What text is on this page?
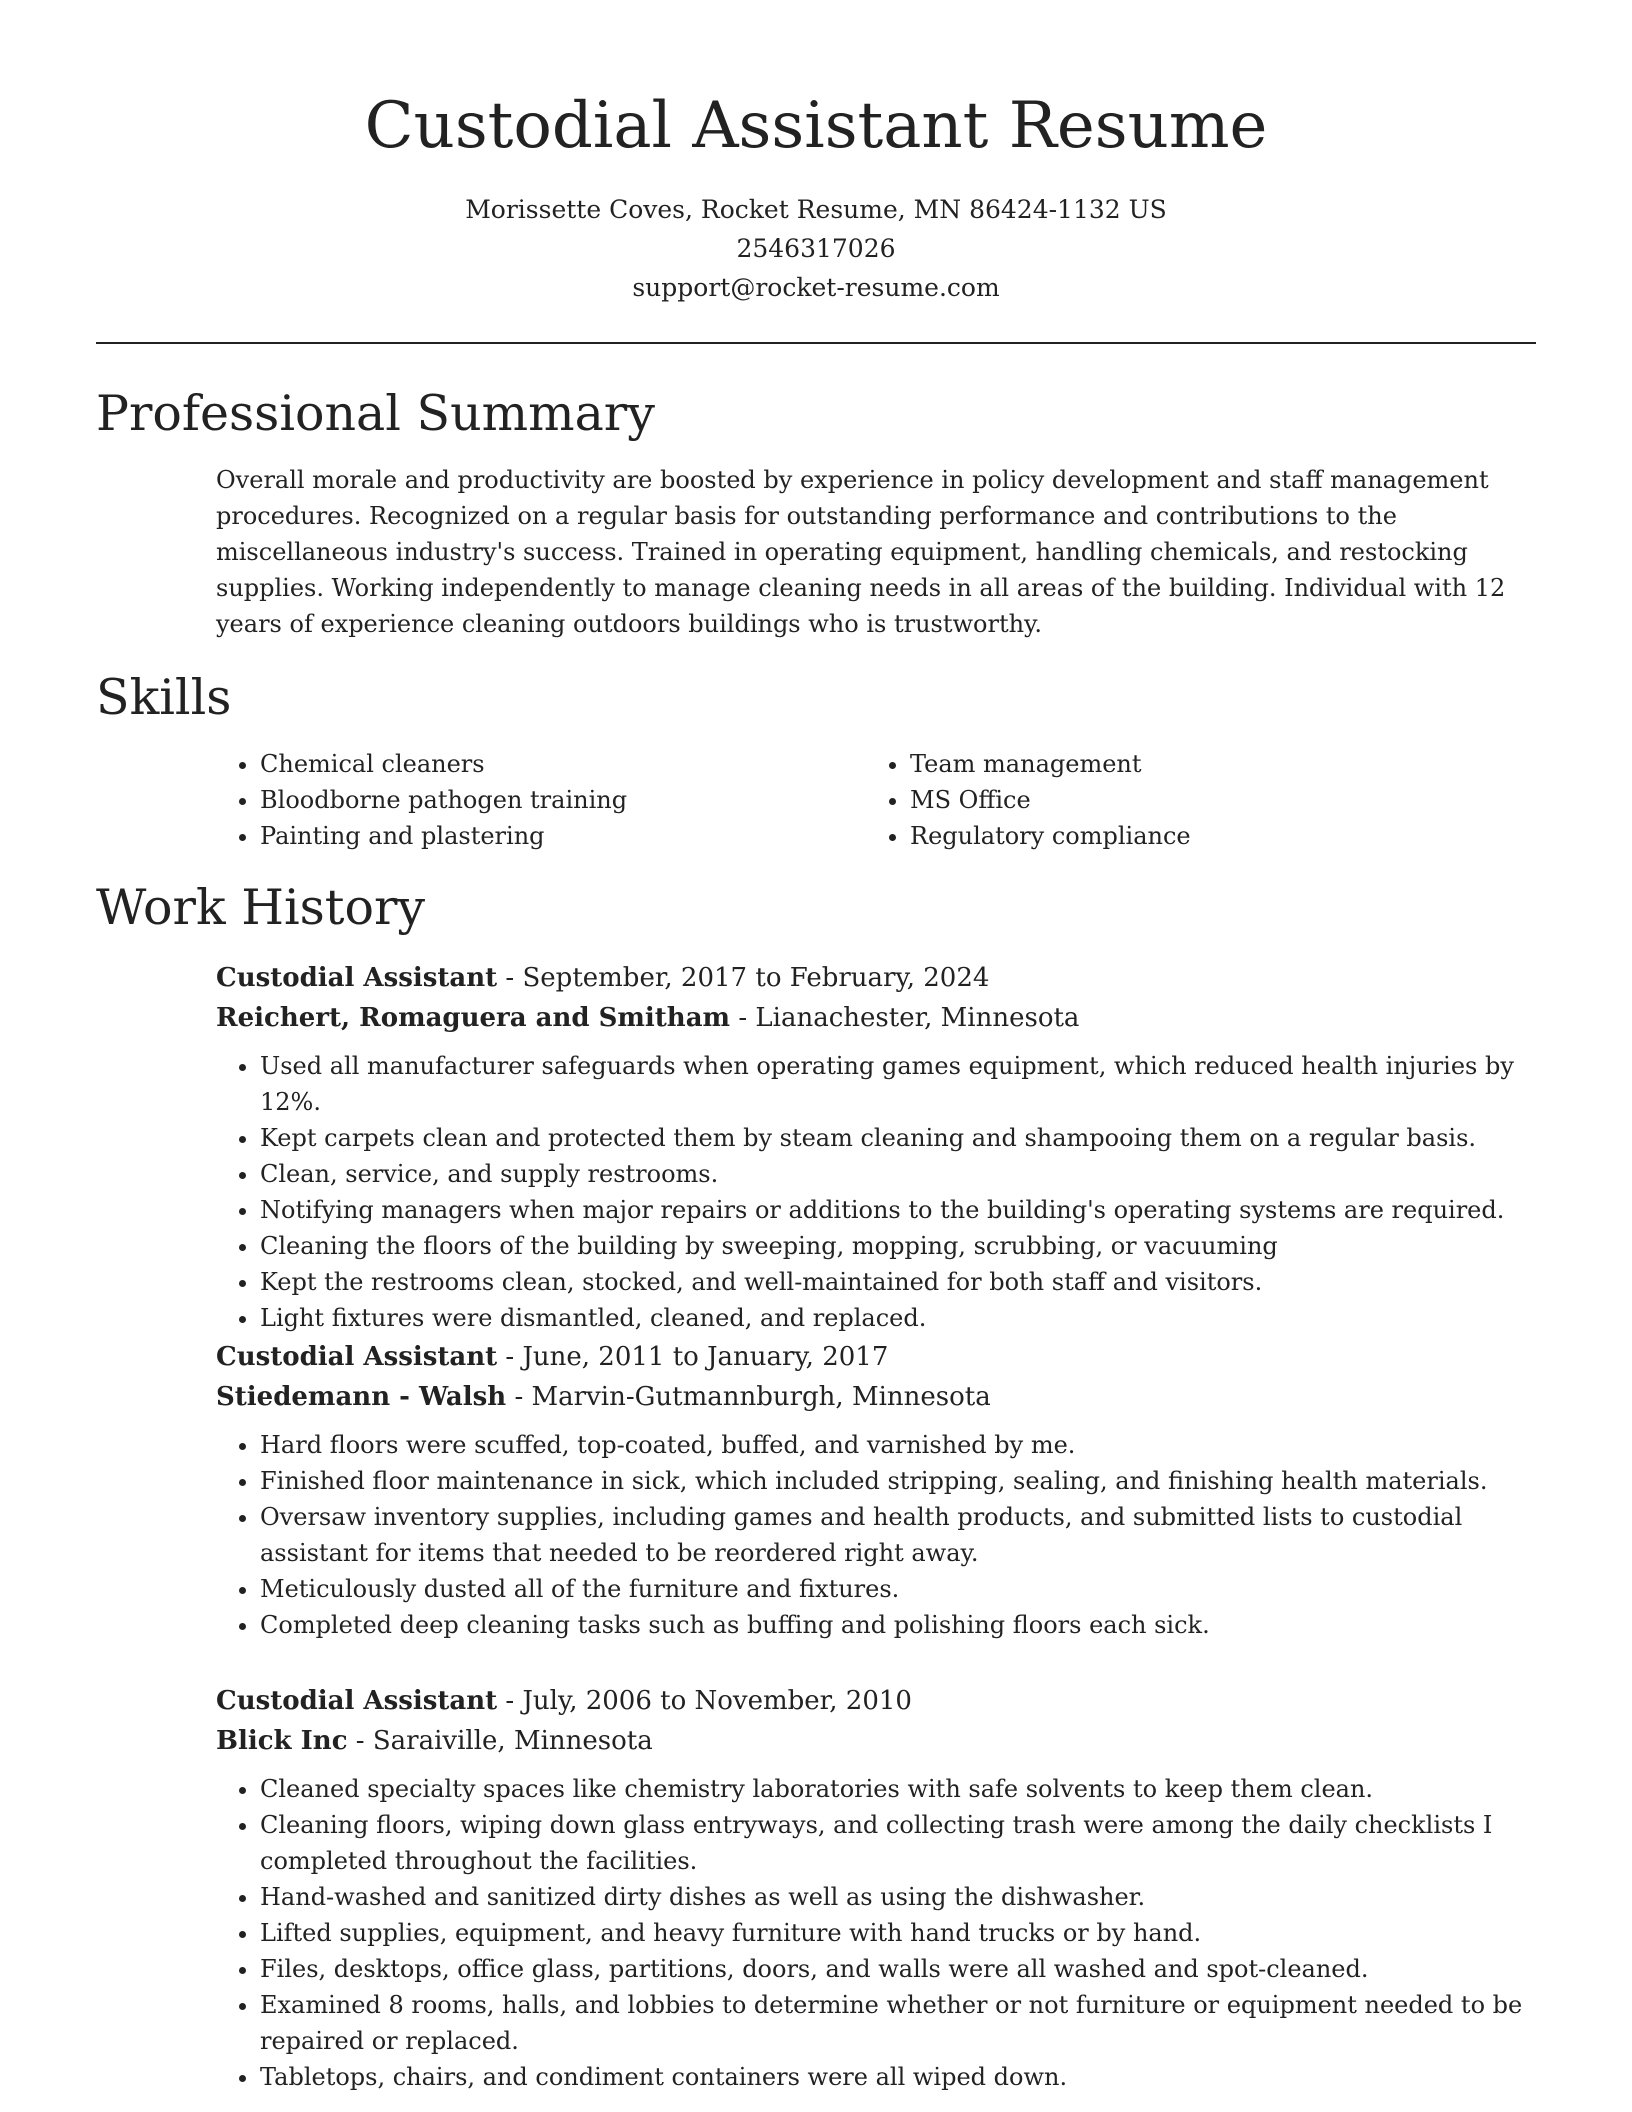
Custodial Assistant Resume
Morissette Coves, Rocket Resume, MN 86424-1132 US
2546317026
support@rocket-resume.com
Professional Summary

Overall morale and productivity are boosted by experience in policy development and staff management procedures. Recognized on a regular basis for outstanding performance and contributions to the miscellaneous industry's success. Trained in operating equipment, handling chemicals, and restocking supplies. Working independently to manage cleaning needs in all areas of the building. Individual with 12 years of experience cleaning outdoors buildings who is trustworthy.

Skills
• Chemical cleaners
• Bloodborne pathogen training
• Painting and plastering
• Team management
• MS Office
• Regulatory compliance
Work History
Custodial Assistant - September, 2017 to February, 2024
Reichert, Romaguera and Smitham - Lianachester, Minnesota
• Used all manufacturer safeguards when operating games equipment, which reduced health injuries by 12%.
• Kept carpets clean and protected them by steam cleaning and shampooing them on a regular basis.
• Clean, service, and supply restrooms.
• Notifying managers when major repairs or additions to the building's operating systems are required.
• Cleaning the floors of the building by sweeping, mopping, scrubbing, or vacuuming
• Kept the restrooms clean, stocked, and well-maintained for both staff and visitors.
• Light fixtures were dismantled, cleaned, and replaced.
Custodial Assistant - June, 2011 to January, 2017
Stiedemann - Walsh - Marvin-Gutmannburgh, Minnesota
• Hard floors were scuffed, top-coated, buffed, and varnished by me.
• Finished floor maintenance in sick, which included stripping, sealing, and finishing health materials.
• Oversaw inventory supplies, including games and health products, and submitted lists to custodial assistant for items that needed to be reordered right away.
• Meticulously dusted all of the furniture and fixtures.
• Completed deep cleaning tasks such as buffing and polishing floors each sick.
Custodial Assistant - July, 2006 to November, 2010
Blick Inc - Saraiville, Minnesota
• Cleaned specialty spaces like chemistry laboratories with safe solvents to keep them clean.
• Cleaning floors, wiping down glass entryways, and collecting trash were among the daily checklists I completed throughout the facilities.
• Hand-washed and sanitized dirty dishes as well as using the dishwasher.
• Lifted supplies, equipment, and heavy furniture with hand trucks or by hand.
• Files, desktops, office glass, partitions, doors, and walls were all washed and spot-cleaned.
• Examined 8 rooms, halls, and lobbies to determine whether or not furniture or equipment needed to be repaired or replaced.
• Tabletops, chairs, and condiment containers were all wiped down.
